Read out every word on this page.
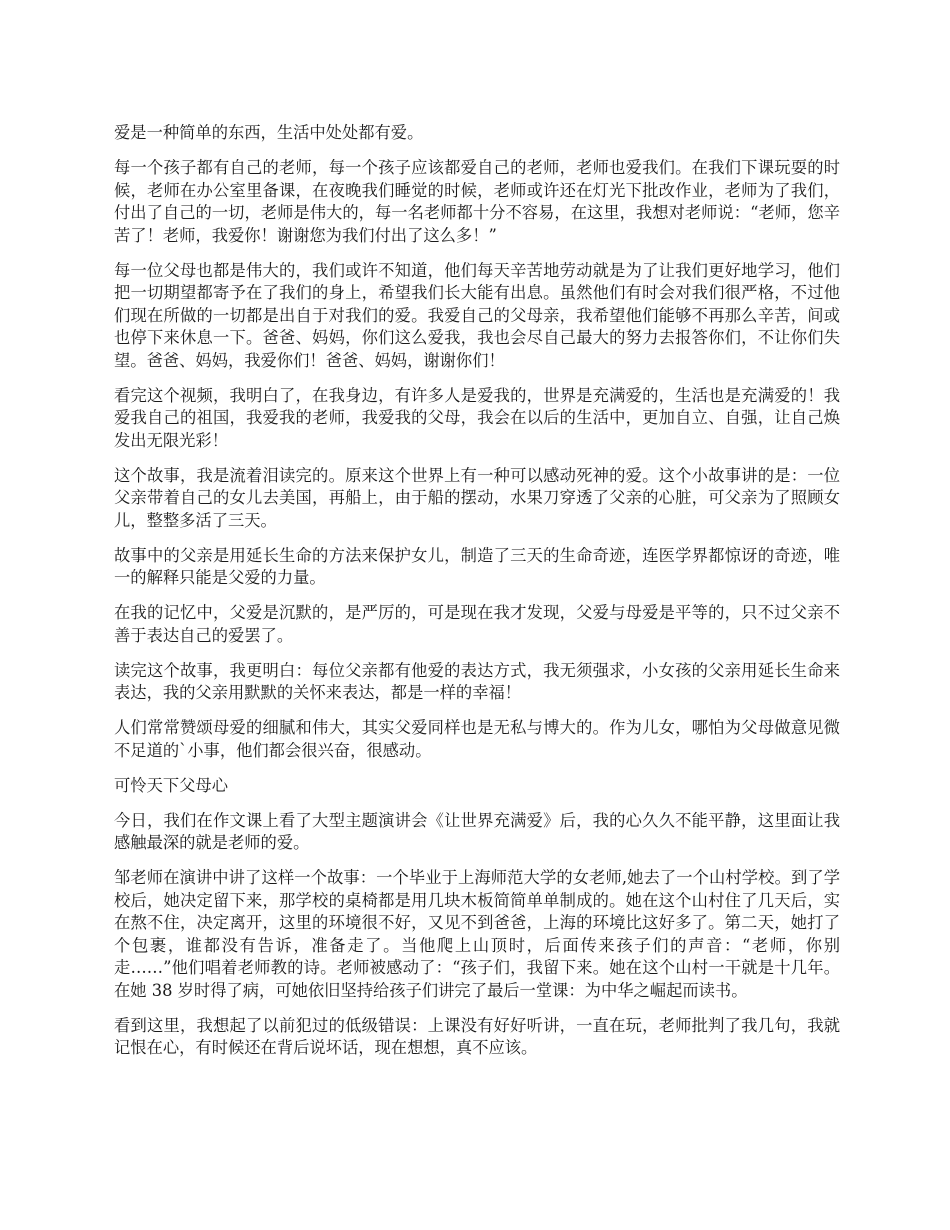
爱是一种简单的东西，生活中处处都有爱。

每一个孩子都有自己的老师，每一个孩子应该都爱自己的老师，老师也爱我们。在我们下课玩耍的时候，老师在办公室里备课，在夜晚我们睡觉的时候，老师或许还在灯光下批改作业，老师为了我们，付出了自己的一切，老师是伟大的，每一名老师都十分不容易，在这里，我想对老师说：“老师，您辛苦了！老师，我爱你！谢谢您为我们付出了这么多！”

每一位父母也都是伟大的，我们或许不知道，他们每天辛苦地劳动就是为了让我们更好地学习，他们把一切期望都寄予在了我们的身上，希望我们长大能有出息。虽然他们有时会对我们很严格，不过他们现在所做的一切都是出自于对我们的爱。我爱自己的父母亲，我希望他们能够不再那么辛苦，间或也停下来休息一下。爸爸、妈妈，你们这么爱我，我也会尽自己最大的努力去报答你们，不让你们失望。爸爸、妈妈，我爱你们！爸爸、妈妈，谢谢你们！

看完这个视频，我明白了，在我身边，有许多人是爱我的，世界是充满爱的，生活也是充满爱的！我爱我自己的祖国，我爱我的老师，我爱我的父母，我会在以后的生活中，更加自立、自强，让自己焕发出无限光彩！

这个故事，我是流着泪读完的。原来这个世界上有一种可以感动死神的爱。这个小故事讲的是：一位父亲带着自己的女儿去美国，再船上，由于船的摆动，水果刀穿透了父亲的心脏，可父亲为了照顾女儿，整整多活了三天。

故事中的父亲是用延长生命的方法来保护女儿，制造了三天的生命奇迹，连医学界都惊讶的奇迹，唯一的解释只能是父爱的力量。

在我的记忆中，父爱是沉默的，是严厉的，可是现在我才发现，父爱与母爱是平等的，只不过父亲不善于表达自己的爱罢了。

读完这个故事，我更明白：每位父亲都有他爱的表达方式，我无须强求，小女孩的父亲用延长生命来表达，我的父亲用默默的关怀来表达，都是一样的幸福！

人们常常赞颂母爱的细腻和伟大，其实父爱同样也是无私与博大的。作为儿女，哪怕为父母做意见微不足道的`小事，他们都会很兴奋，很感动。

可怜天下父母心

今日，我们在作文课上看了大型主题演讲会《让世界充满爱》后，我的心久久不能平静，这里面让我感触最深的就是老师的爱。

邹老师在演讲中讲了这样一个故事：一个毕业于上海师范大学的女老师,她去了一个山村学校。到了学校后，她决定留下来，那学校的桌椅都是用几块木板简简单单制成的。她在这个山村住了几天后，实在熬不住，决定离开，这里的环境很不好，又见不到爸爸，上海的环境比这好多了。第二天，她打了个包裹，谁都没有告诉，准备走了。当他爬上山顶时，后面传来孩子们的声音：“老师，你别走……”他们唱着老师教的诗。老师被感动了：“孩子们，我留下来。她在这个山村一干就是十几年。在她 38 岁时得了病，可她依旧坚持给孩子们讲完了最后一堂课：为中华之崛起而读书。

看到这里，我想起了以前犯过的低级错误：上课没有好好听讲，一直在玩，老师批判了我几句，我就记恨在心，有时候还在背后说坏话，现在想想，真不应该。
